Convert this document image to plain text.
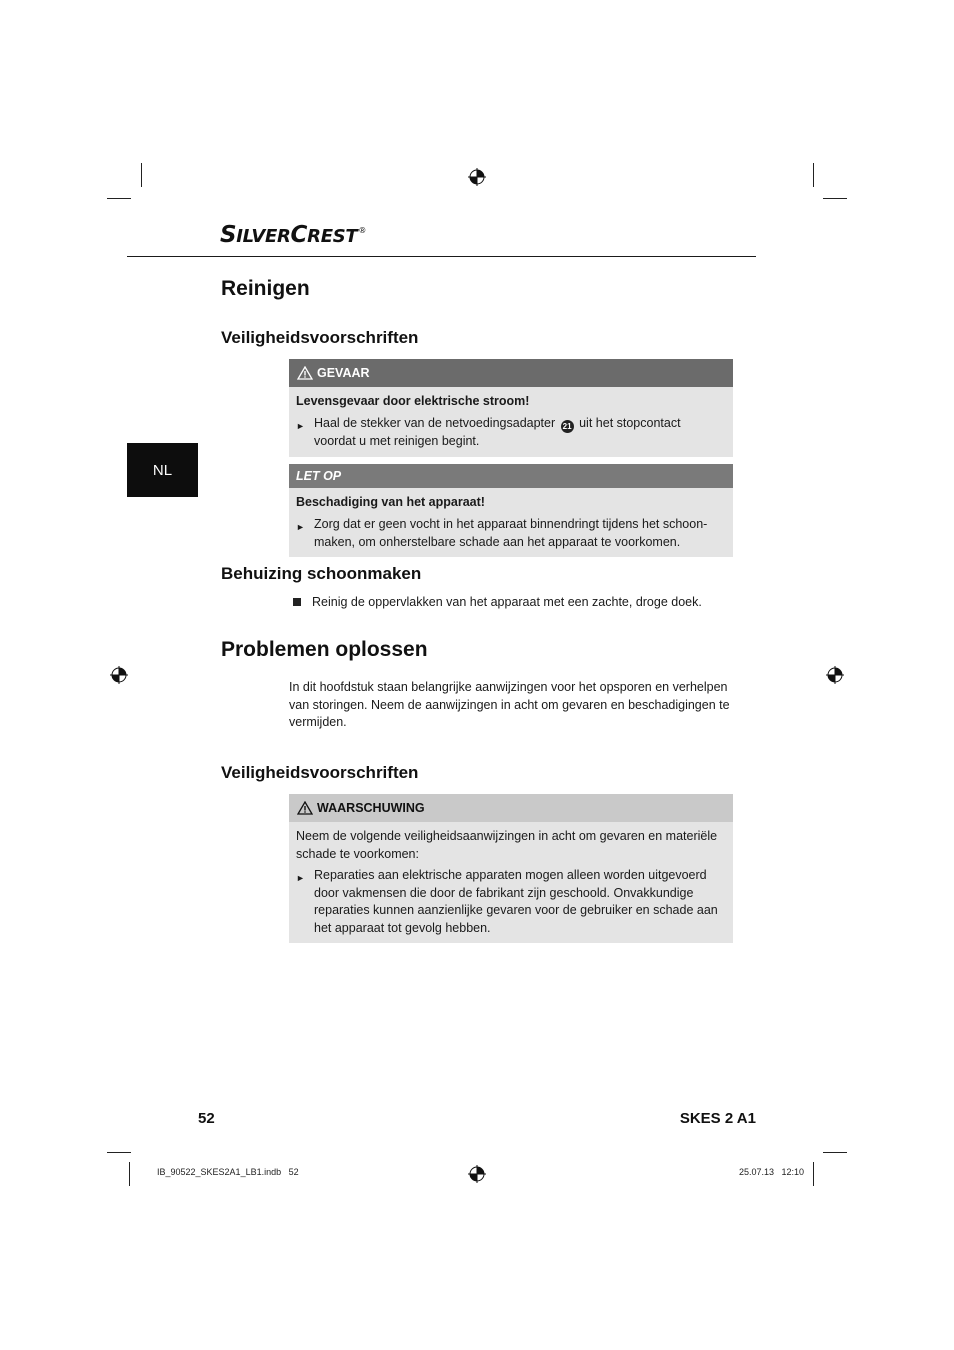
SILVERCREST®
NL
Reinigen
Veiligheidsvoorschriften
GEVAAR
Levensgevaar door elektrische stroom!
► Haal de stekker van de netvoedingsadapter 21 uit het stopcontact voordat u met reinigen begint.
LET OP
Beschadiging van het apparaat!
► Zorg dat er geen vocht in het apparaat binnendringt tijdens het schoon-maken, om onherstelbare schade aan het apparaat te voorkomen.
Behuizing schoonmaken

Reinig de oppervlakken van het apparaat met een zachte, droge doek.

Problemen oplossen

In dit hoofdstuk staan belangrijke aanwijzingen voor het opsporen en verhelpen van storingen. Neem de aanwijzingen in acht om gevaren en beschadigingen te vermijden.

Veiligheidsvoorschriften
WAARSCHUWING

Neem de volgende veiligheidsaanwijzingen in acht om gevaren en materiële schade te voorkomen:

► Reparaties aan elektrische apparaten mogen alleen worden uitgevoerd door vakmensen die door de fabrikant zijn geschoold. Onvakkundige reparaties kunnen aanzienlijke gevaren voor de gebruiker en schade aan het apparaat tot gevolg hebben.
52	SKES 2 A1
IB_90522_SKES2A1_LB1.indb   52	25.07.13   12:10
